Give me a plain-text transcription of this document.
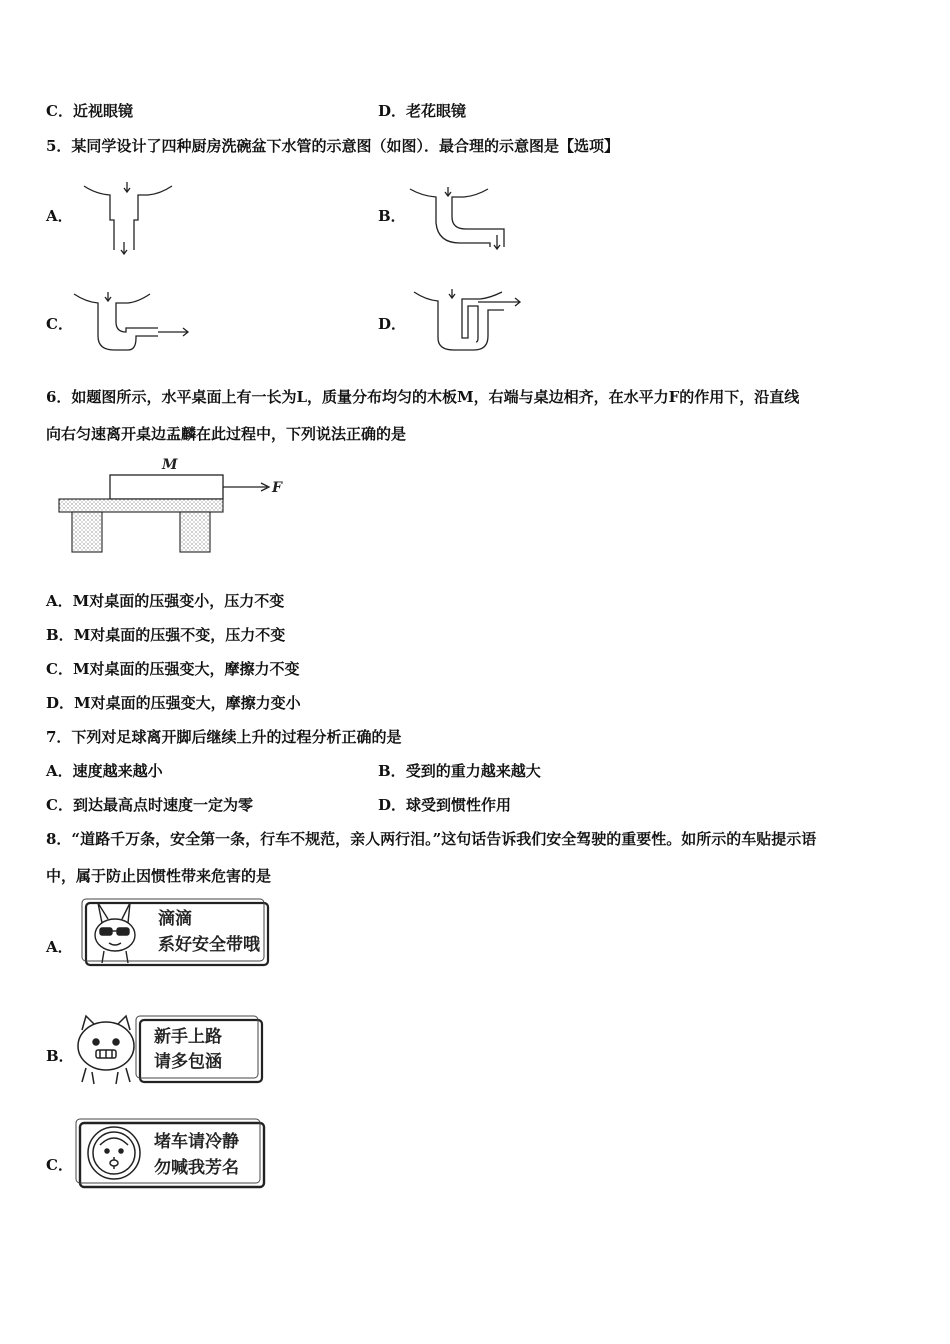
C．近视眼镜	D．老花眼镜
5．某同学设计了四种厨房洗碗盆下水管的示意图（如图）．最合理的示意图是【选项】
A．	B．
C．	D．
6．如题图所示，水平桌面上有一长为L，质量分布均匀的木板M，右端与桌边相齐，在水平力F的作用下，沿直线
向右匀速离开桌边盂麟在此过程中，下列说法正确的是
M
F
A．M对桌面的压强变小，压力不变
B．M对桌面的压强不变，压力不变
C．M对桌面的压强变大，摩擦力不变
D．M对桌面的压强变大，摩擦力变小
7．下列对足球离开脚后继续上升的过程分析正确的是
A．速度越来越小	B．受到的重力越来越大
C．到达最高点时速度一定为零	D．球受到惯性作用
8．“道路千万条，安全第一条，行车不规范，亲人两行泪。”这句话告诉我们安全驾驶的重要性。如所示的车贴提示语
中，属于防止因惯性带来危害的是
A．
滴滴
系好安全带哦
B．
新手上路
请多包涵
C．
堵车请冷静
勿喊我芳名
